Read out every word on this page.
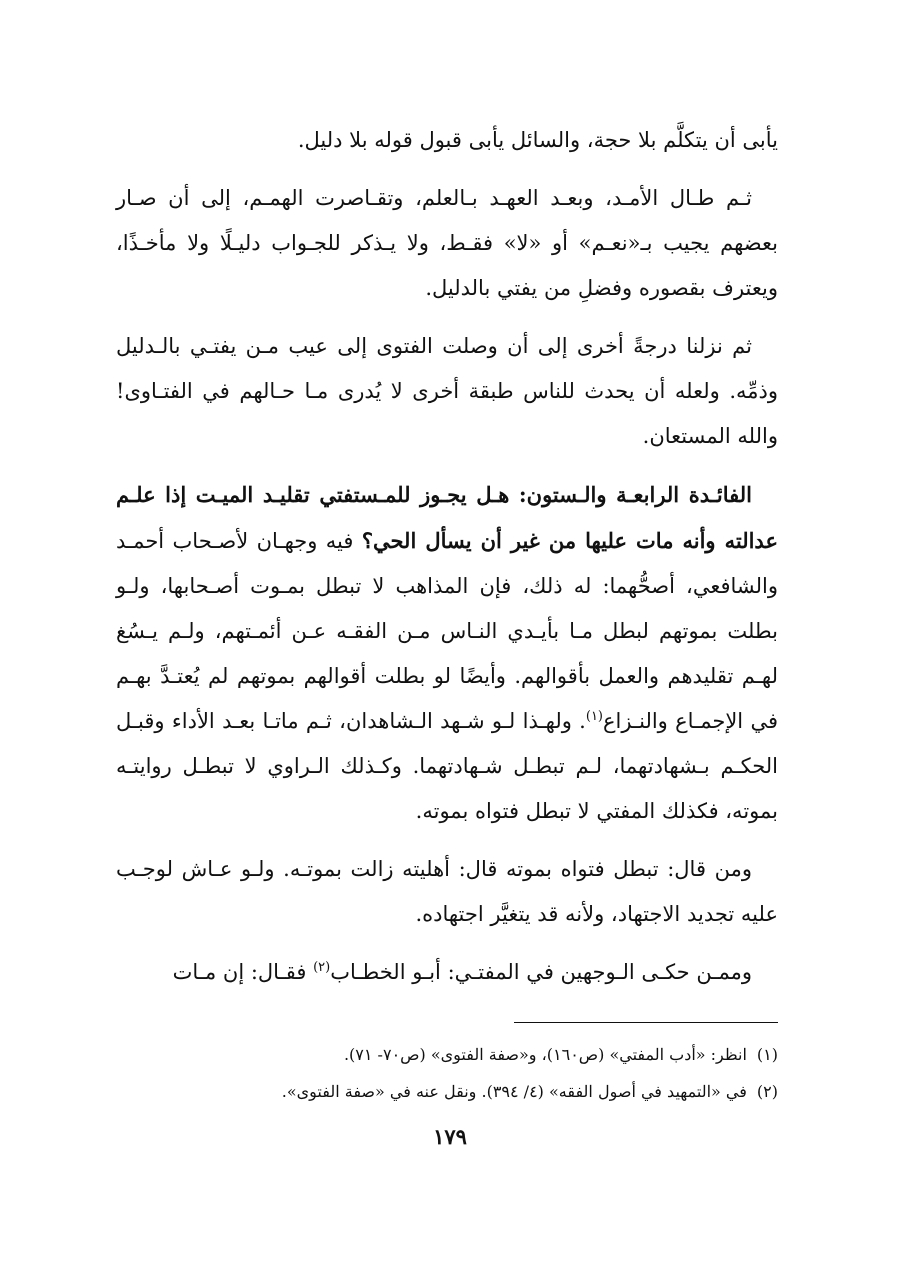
يأبى أن يتكلَّم بلا حجة، والسائل يأبى قبول قوله بلا دليل.

ثـم طـال الأمـد، وبعـد العهـد بـالعلم، وتقـاصرت الهمـم، إلى أن صـار بعضهم يجيب بـ«نعـم» أو «لا» فقـط، ولا يـذكر للجـواب دليـلًا ولا مأخـذًا، ويعترف بقصوره وفضلِ من يفتي بالدليل.

ثم نزلنا درجةً أخرى إلى أن وصلت الفتوى إلى عيب مـن يفتـي بالـدليل وذمِّه. ولعله أن يحدث للناس طبقة أخرى لا يُدرى مـا حـالهم في الفتـاوى! والله المستعان.

الفائـدة الرابعـة والـستون: هـل يجـوز للمـستفتي تقليـد الميـت إذا علـم عدالته وأنه مات عليها من غير أن يسأل الحي؟ فيه وجهـان لأصـحاب أحمـد والشافعي، أصحُّهما: له ذلك، فإن المذاهب لا تبطل بمـوت أصـحابها، ولـو بطلت بموتهم لبطل مـا بأيـدي النـاس مـن الفقـه عـن أئمـتهم، ولـم يـسُغ لهـم تقليدهم والعمل بأقوالهم. وأيضًا لو بطلت أقوالهم بموتهم لم يُعتـدَّ بهـم في الإجمـاع والنـزاع$^{(١)}$. ولهـذا لـو شـهد الـشاهدان، ثـم ماتـا بعـد الأداء وقبـل الحكـم بـشهادتهما، لـم تبطـل شـهادتهما. وكـذلك الـراوي لا تبطـل روايتـه بموته، فكذلك المفتي لا تبطل فتواه بموته.

ومن قال: تبطل فتواه بموته قال: أهليته زالت بموتـه. ولـو عـاش لوجـب عليه تجديد الاجتهاد، ولأنه قد يتغيَّر اجتهاده.

وممـن حكـى الـوجهين في المفتـي: أبـو الخطـاب$^{(٢)}$ فقـال: إن مـات

(١)انظر: «أدب المفتي» (ص١٦٠)، و«صفة الفتوى» (ص٧٠- ٧١).

(٢)في «التمهيد في أصول الفقه» (٤/ ٣٩٤). ونقل عنه في «صفة الفتوى».

١٧٩
